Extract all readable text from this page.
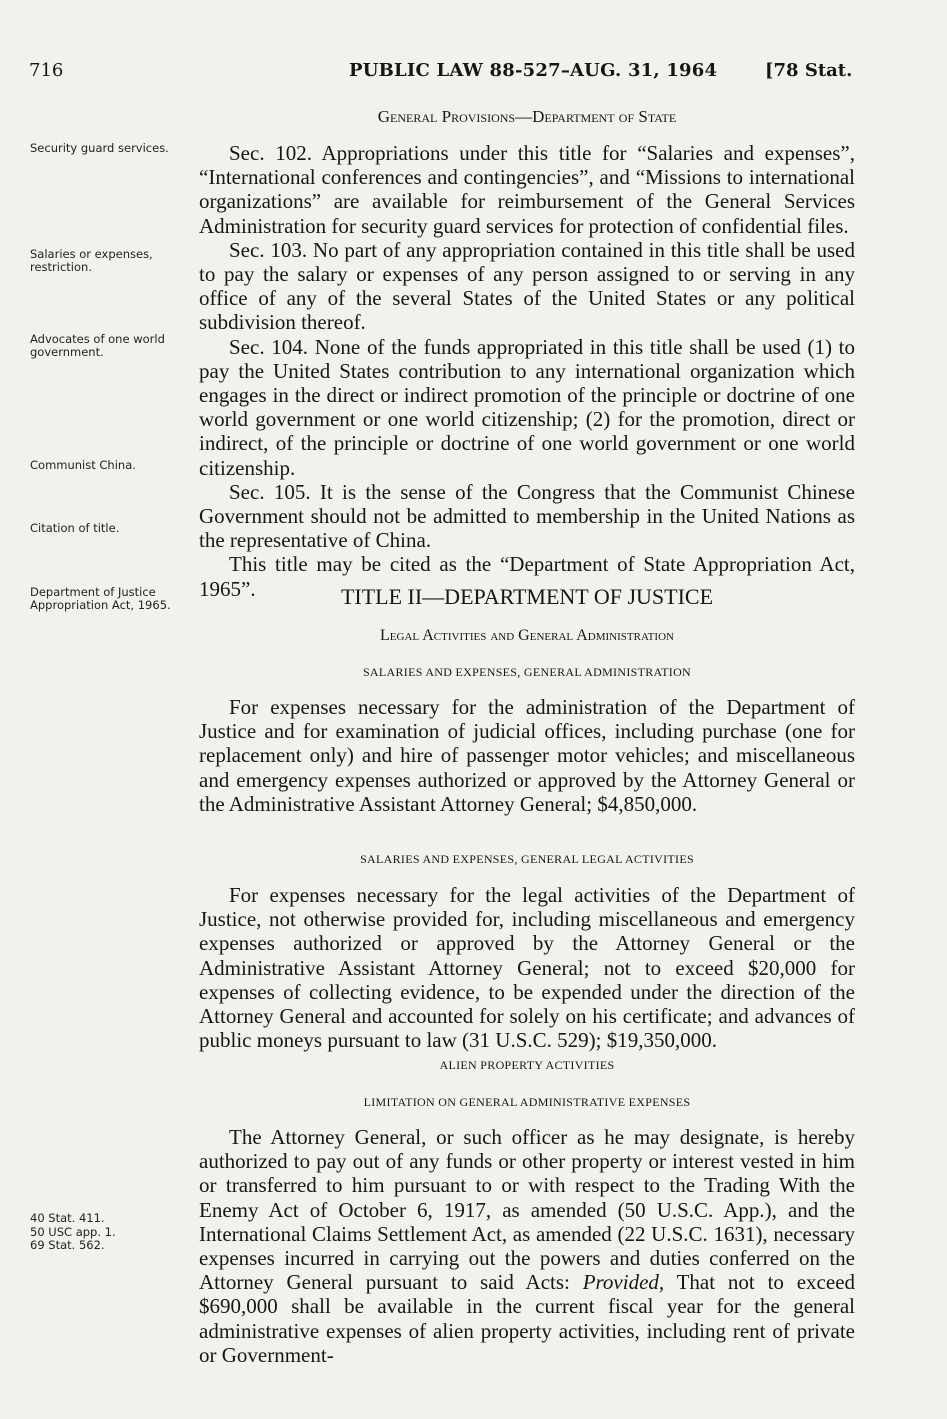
716	PUBLIC LAW 88-527–AUG. 31, 1964	[78 Stat.
General Provisions—Department of State
Security guard services.
Salaries or expenses, restriction.
Advocates of one world government.
Communist China.
Citation of title.
Department of Justice Appropriation Act, 1965.
40 Stat. 411.
50 USC app. 1.
69 Stat. 562.

Sec. 102. Appropriations under this title for “Salaries and expenses”, “International conferences and contingencies”, and “Missions to international organizations” are available for reimbursement of the General Services Administration for security guard services for protection of confidential files.

Sec. 103. No part of any appropriation contained in this title shall be used to pay the salary or expenses of any person assigned to or serving in any office of any of the several States of the United States or any political subdivision thereof.

Sec. 104. None of the funds appropriated in this title shall be used (1) to pay the United States contribution to any international organization which engages in the direct or indirect promotion of the principle or doctrine of one world government or one world citizenship; (2) for the promotion, direct or indirect, of the principle or doctrine of one world government or one world citizenship.

Sec. 105. It is the sense of the Congress that the Communist Chinese Government should not be admitted to membership in the United Nations as the representative of China.

This title may be cited as the “Department of State Appropriation Act, 1965”.	TITLE II—DEPARTMENT OF JUSTICE
Legal Activities and General Administration
SALARIES AND EXPENSES, GENERAL ADMINISTRATION

For expenses necessary for the administration of the Department of Justice and for examination of judicial offices, including purchase (one for replacement only) and hire of passenger motor vehicles; and miscellaneous and emergency expenses authorized or approved by the Attorney General or the Administrative Assistant Attorney General; $4,850,000.

SALARIES AND EXPENSES, GENERAL LEGAL ACTIVITIES

For expenses necessary for the legal activities of the Department of Justice, not otherwise provided for, including miscellaneous and emergency expenses authorized or approved by the Attorney General or the Administrative Assistant Attorney General; not to exceed $20,000 for expenses of collecting evidence, to be expended under the direction of the Attorney General and accounted for solely on his certificate; and advances of public moneys pursuant to law (31 U.S.C. 529); $19,350,000.

ALIEN PROPERTY ACTIVITIES
LIMITATION ON GENERAL ADMINISTRATIVE EXPENSES

The Attorney General, or such officer as he may designate, is hereby authorized to pay out of any funds or other property or interest vested in him or transferred to him pursuant to or with respect to the Trading With the Enemy Act of October 6, 1917, as amended (50 U.S.C. App.), and the International Claims Settlement Act, as amended (22 U.S.C. 1631), necessary expenses incurred in carrying out the powers and duties conferred on the Attorney General pursuant to said Acts: Provided, That not to exceed $690,000 shall be available in the current fiscal year for the general administrative expenses of alien property activities, including rent of private or Government-
